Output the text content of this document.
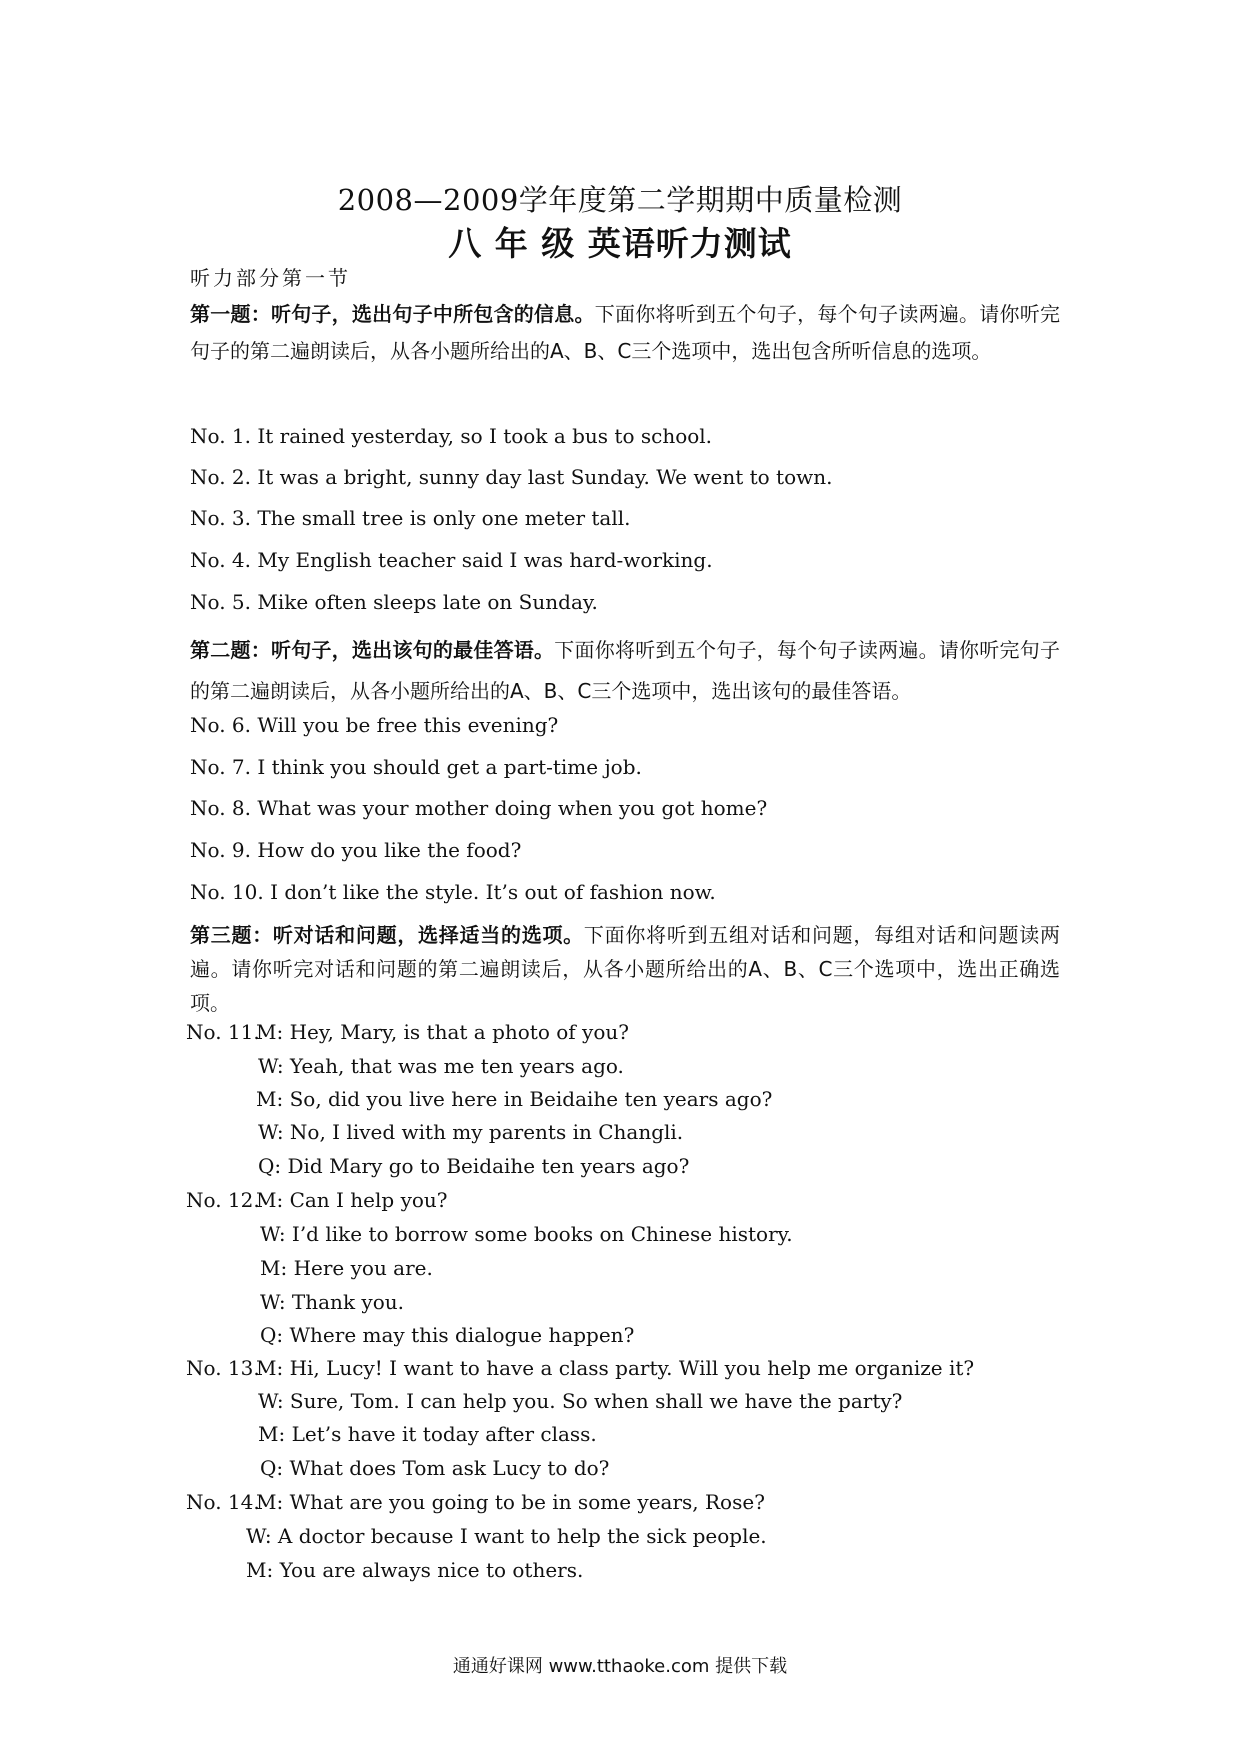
2008—2009学年度第二学期期中质量检测
八 年 级 英语听力测试
听力部分第一节
第一题：听句子，选出句子中所包含的信息。下面你将听到五个句子，每个句子读两遍。请你听完句子的第二遍朗读后，从各小题所给出的A、B、C三个选项中，选出包含所听信息的选项。
No. 1. It rained yesterday, so I took a bus to school.
No. 2. It was a bright, sunny day last Sunday. We went to town.
No. 3. The small tree is only one meter tall.
No. 4. My English teacher said I was hard-working.
No. 5. Mike often sleeps late on Sunday.
第二题：听句子，选出该句的最佳答语。下面你将听到五个句子，每个句子读两遍。请你听完句子的第二遍朗读后，从各小题所给出的A、B、C三个选项中，选出该句的最佳答语。
No. 6. Will you be free this evening?
No. 7. I think you should get a part-time job.
No. 8. What was your mother doing when you got home?
No. 9. How do you like the food?
No. 10. I don’t like the style. It’s out of fashion now.
第三题：听对话和问题，选择适当的选项。下面你将听到五组对话和问题，每组对话和问题读两遍。请你听完对话和问题的第二遍朗读后，从各小题所给出的A、B、C三个选项中，选出正确选项。
No. 11.
M: Hey, Mary, is that a photo of you?
W: Yeah, that was me ten years ago.
M: So, did you live here in Beidaihe ten years ago?
W: No, I lived with my parents in Changli.
Q: Did Mary go to Beidaihe ten years ago?
No. 12.
M: Can I help you?
W: I’d like to borrow some books on Chinese history.
M: Here you are.
W: Thank you.
Q: Where may this dialogue happen?
No. 13.
M: Hi, Lucy! I want to have a class party. Will you help me organize it?
W: Sure, Tom. I can help you. So when shall we have the party?
M: Let’s have it today after class.
Q: What does Tom ask Lucy to do?
No. 14.
M: What are you going to be in some years, Rose?
W: A doctor because I want to help the sick people.
M: You are always nice to others.
通通好课网 www.tthaoke.com 提供下载
